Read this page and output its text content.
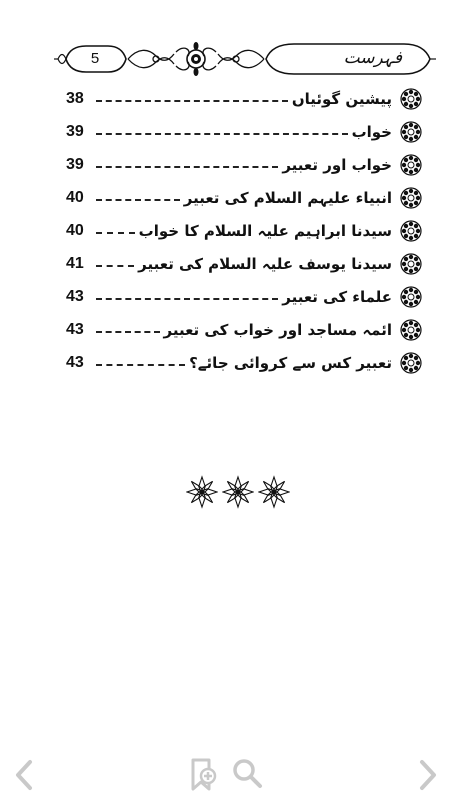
5	فہرست
38	پیشین گوئیاں
39	خواب
39	خواب اور تعبیر
40	انبیاء علیہم السلام کی تعبیر
40	سیدنا ابراہیم علیہ السلام کا خواب
41	سیدنا یوسف علیہ السلام کی تعبیر
43	علماء کی تعبیر
43	ائمہ مساجد اور خواب کی تعبیر
43	تعبیر کس سے کروائی جائے؟
